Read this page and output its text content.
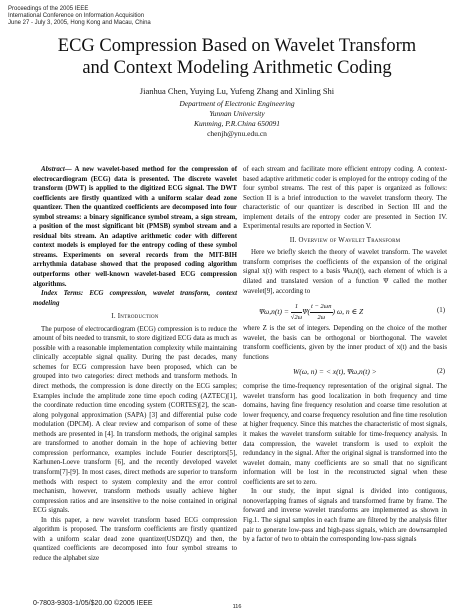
Proceedings of the 2005 IEEE
International Conference on Information Acquisition
June 27 - July 3, 2005, Hong Kong and Macau, China
ECG Compression Based on Wavelet Transform
and Context Modeling Arithmetic Coding
Jianhua Chen, Yuying Lu, Yufeng Zhang and Xinling Shi
Department of Electronic Engineering
Yunnan University
Kunming, P.R.China 650091
chenjh@ynu.edu.cn

Abstract— A new wavelet-based method for the compression of electrocardiogram (ECG) data is presented. The discrete wavelet transform (DWT) is applied to the digitized ECG signal. The DWT coefficients are firstly quantized with a uniform scalar dead zone quantizer. Then the quantized coefficients are decomposed into four symbol streams: a binary significance symbol stream, a sign stream, a position of the most significant bit (PMSB) symbol stream and a residual bits stream. An adaptive arithmetic coder with different context models is employed for the entropy coding of these symbol streams. Experiments on several records from the MIT-BIH arrhythmia database showed that the proposed coding algorithm outperforms other well-known wavelet-based ECG compression algorithms.

Index Terms: ECG compression, wavelet transform, context modeling

I. Introduction

The purpose of electrocardiogram (ECG) compression is to reduce the amount of bits needed to transmit, to store digitized ECG data as much as possible with a reasonable implementation complexity while maintaining clinically acceptable signal quality. During the past decades, many schemes for ECG compression have been proposed, which can be grouped into two categories: direct methods and transform methods. In direct methods, the compression is done directly on the ECG samples; Examples include the amplitude zone time epoch coding (AZTEC)[1], the coordinate reduction time encoding system (CORTES)[2], the scan-along polygonal approximation (SAPA) [3] and differential pulse code modulation (DPCM). A clear review and comparison of some of these methods are presented in [4]. In transform methods, the original samples are transformed to another domain in the hope of achieving better compression performance, examples include Fourier descriptors[5], Karhunen-Loeve transform [6], and the recently developed wavelet transform[7]-[9]. In most cases, direct methods are superior to transform methods with respect to system complexity and the error control mechanism, however, transform methods usually achieve higher compression ratios and are insensitive to the noise contained in original ECG signals.

In this paper, a new wavelet transform based ECG compression algorithm is proposed. The transform coefficients are firstly quantized with a uniform scalar dead zone quantizer(USDZQ) and then, the quantized coefficients are decomposed into four symbol streams to reduce the alphabet size

of each stream and facilitate more efficient entropy coding. A context-based adaptive arithmetic coder is employed for the entropy coding of the four symbol streams. The rest of this paper is organized as follows: Section II is a brief introduction to the wavelet transform theory. The characteristic of our quantizer is described in Section III and the implement details of the entropy coder are presented in Section IV. Experimental results are reported in Section V.

II. Overview of Wavelet Transform

Here we briefly sketch the theory of wavelet transform. The wavelet transform comprises the coefficients of the expansion of the original signal x(t) with respect to a basis Ψω,n(t), each element of which is a dilated and translated version of a function Ψ called the mother wavelet[9], according to

$\Psi\omega,n(t) = \frac{1}{√2\omega} \Psi( \frac{t - 2\omega n}{2\omega}$ ) ω, n ∈ Z	(1)

where Z is the set of integers. Depending on the choice of the mother wavelet, the basis can be orthogonal or biorthogonal. The wavelet transform coefficients, given by the inner product of x(t) and the basis functions

W(ω, n) = < x(t), Ψω,n(t) >	(2)

comprise the time-frequency representation of the original signal. The wavelet transform has good localization in both frequency and time domains, having fine frequency resolution and coarse time resolution at lower frequency, and coarse frequency resolution and fine time resolution at higher frequency. Since this matches the characteristic of most signals, it makes the wavelet transform suitable for time-frequency analysis. In data compression, the wavelet transform is used to exploit the redundancy in the signal. After the original signal is transformed into the wavelet domain, many coefficients are so small that no significant information will be lost in the reconstructed signal when these coefficients are set to zero.

In our study, the input signal is divided into contiguous, nonoverlapping frames of signals and transformed frame by frame. The forward and inverse wavelet transforms are implemented as shown in Fig.1. The signal samples in each frame are filtered by the analysis filter pair to generate low-pass and high-pass signals, which are downsampled by a factor of two to obtain the corresponding low-pass signals

0-7803-9303-1/05/$20.00 ©2005 IEEE	116
